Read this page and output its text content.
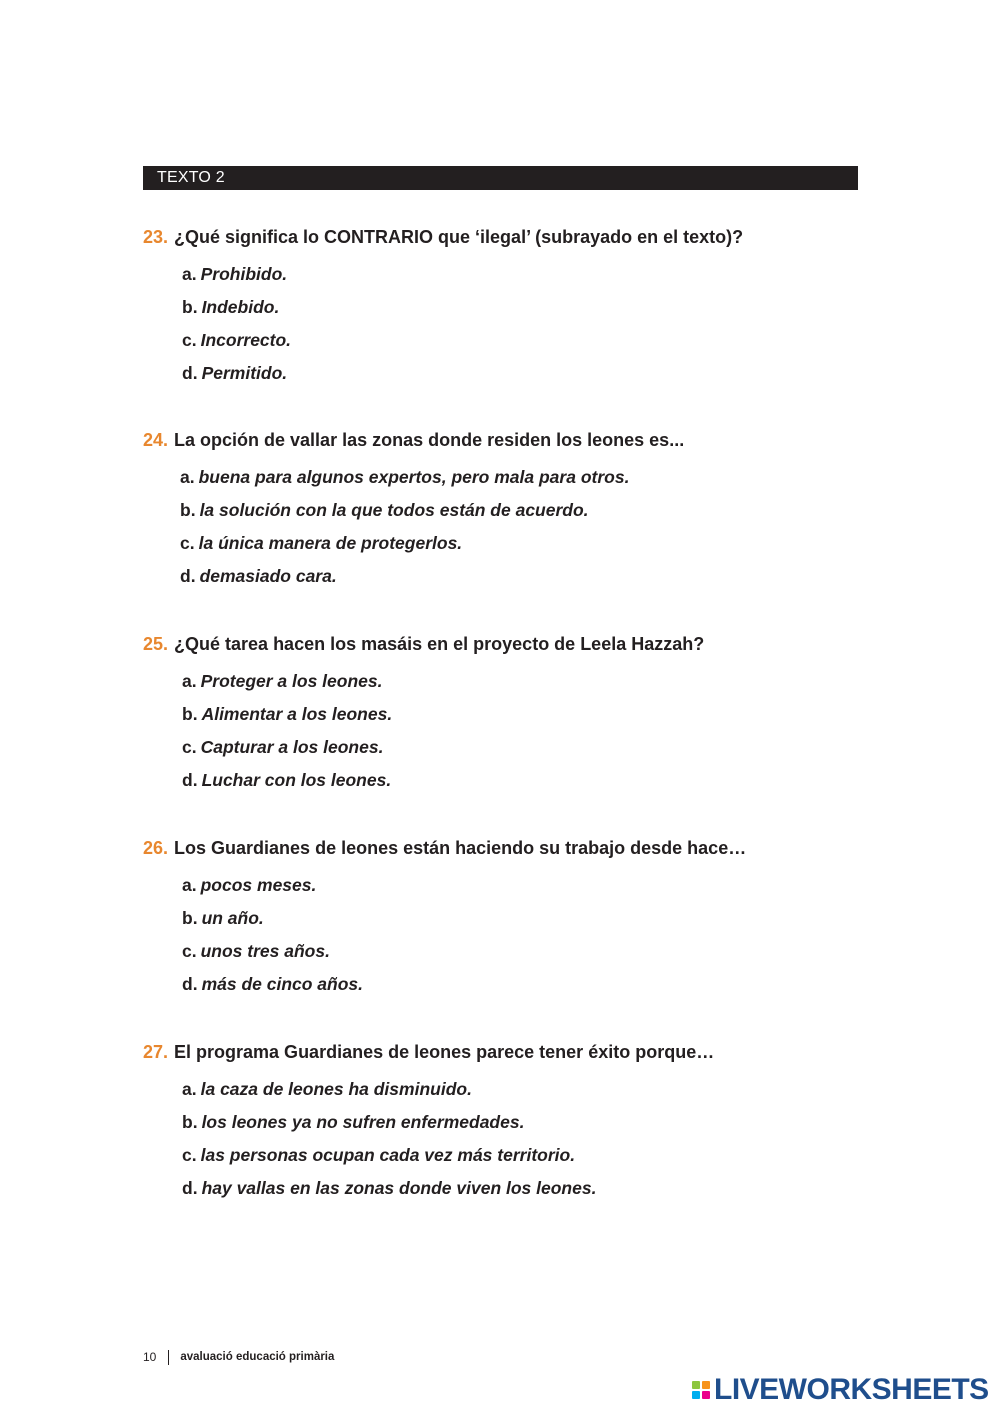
TEXTO 2
23. ¿Qué significa lo CONTRARIO que ‘ilegal’ (subrayado en el texto)?
a. Prohibido.
b. Indebido.
c. Incorrecto.
d. Permitido.
24. La opción de vallar las zonas donde residen los leones es...
a. buena para algunos expertos, pero mala para otros.
b. la solución con la que todos están de acuerdo.
c. la única manera de protegerlos.
d. demasiado cara.
25. ¿Qué tarea hacen los masáis en el proyecto de Leela Hazzah?
a. Proteger a los leones.
b. Alimentar a los leones.
c. Capturar a los leones.
d. Luchar con los leones.
26. Los Guardianes de leones están haciendo su trabajo desde hace…
a. pocos meses.
b. un año.
c. unos tres años.
d. más de cinco años.
27. El programa Guardianes de leones parece tener éxito porque…
a. la caza de leones ha disminuido.
b. los leones ya no sufren enfermedades.
c. las personas ocupan cada vez más territorio.
d. hay vallas en las zonas donde viven los leones.
10 avaluació educació primària
LIVEWORKSHEETS
